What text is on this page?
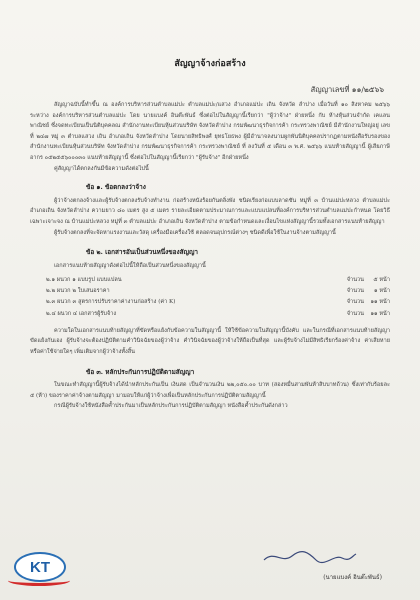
สัญญาจ้างก่อสร้าง
สัญญาเลขที่ ๑๑/๒๕๖๖

สัญญาฉบับนี้ทำขึ้น ณ องค์การบริหารส่วนตำบลแม่ปะ ตำบลแม่ปะ/แสวง อำเภอแม่ปะ เถิน จังหวัด ลำปาง เมื่อวันที่ ๑๐ สิงหาคม ๒๕๖๖ ระหว่าง องค์การบริหารส่วนตำบลแม่ปะ โดย นายแบงค์ อินต๊ะพันธ์ ซึ่งต่อไปในสัญญานี้เรียกว่า "ผู้ว่าจ้าง" ฝ่ายหนึ่ง กับ ห้างหุ้นส่วนจำกัด เคแลนพาณิชย์ ซึ่งจดทะเบียนเป็นนิติบุคคลณ สำนักงานทะเบียนหุ้นส่วนบริษัท จังหวัดลำปาง กรมพัฒนาธุรกิจการค้า กระทรวงพาณิชย์ มีสำนักงานใหญ่อยู่ เลขที่ ๒๔๗ หมู่ ๓ ตำบลแสวง เถิน อำเภอเถิน จังหวัดลำปาง โดยนายสิทธิพงศ์ ยุทธโยธพง ผู้มีอำนาจลงนามผูกพันนิติบุคคลปรากฏตามหนังสือรับรองของ สำนักงานทะเบียนหุ้นส่วนบริษัท จังหวัดลำปาง กรมพัฒนาธุรกิจการค้า กระทรวงพาณิชย์ ที่ ลงวันที่ ๕ เดือน ๓ พ.ศ. ๒๕๖๖ แนบท้ายสัญญานี้ ผู้เสียภาษีอากร ๐๕๒๕๕๖๐๐๐๓๐ แนบท้ายสัญญานี้ ซึ่งต่อไปในสัญญานี้เรียกว่า "ผู้รับจ้าง" อีกฝ่ายหนึ่ง

คู่สัญญาได้ตกลงกันมีข้อความดังต่อไปนี้

ข้อ ๑. ข้อตกลงว่าจ้าง

ผู้ว่าจ้างตกลงจ้างและผู้รับจ้างตกลงรับจ้างทำงาน ก่อสร้างหนังร้อยกันตลิ่งพัง ชนิดเรียงก่อแบบลาดชัน หมู่ที่ ๓ บ้านแม่ปะหลวง ตำบลแม่ปะ อำเภอเถิน จังหวัดลำปาง ความยาว ๘๐ เมตร สูง ๕ เมตร รายละเอียดตามประมาณการและแบบแปลนที่องค์การบริหารส่วนตำบลแม่ปะกำหนด โดยวิธีเฉพาะเจาะจง ณ บ้านแม่ปะหลวง หมู่ที่ ๓ ตำบลแม่ปะ อำเภอเถิน จังหวัดลำปาง ตามข้อกำหนดและเงื่อนไขแห่งสัญญานี้รวมทั้งเอกสารแนบท้ายสัญญา

ผู้รับจ้างตกลงที่จะจัดหาแรงงานและวัสดุ เครื่องมือเครื่องใช้ ตลอดจนอุปกรณ์ต่างๆ ชนิดดีเพื่อใช้ในงานจ้างตามสัญญานี้

ข้อ ๒. เอกสารอันเป็นส่วนหนึ่งของสัญญา

เอกสารแนบท้ายสัญญาดังต่อไปนี้ให้ถือเป็นส่วนหนึ่งของสัญญานี้

๒.๑ ผนวก ๑ แบบรูป แบบแปลน	จำนวน	๕ หน้า
๒.๒ ผนวก ๒ ใบเสนอราคา	จำนวน	๑ หน้า
๒.๓ ผนวก ๓ สูตรการปรับราคาค่างานก่อสร้าง (ค่า K)	จำนวน	๑๑ หน้า
๒.๔ ผนวก ๔ เอกสารผู้รับจ้าง	จำนวน	๑๑ หน้า

ความใดในเอกสารแนบท้ายสัญญาที่ขัดหรือแย้งกับข้อความในสัญญานี้ ให้ใช้ข้อความในสัญญานี้บังคับ และในกรณีที่เอกสารแนบท้ายสัญญาขัดแย้งกันเอง ผู้รับจ้างจะต้องปฏิบัติตามคำวินิจฉัยของผู้ว่าจ้าง คำวินิจฉัยของผู้ว่าจ้างให้ถือเป็นที่สุด และผู้รับจ้างไม่มีสิทธิเรียกร้องค่าจ้าง ค่าเสียหายหรือค่าใช้จ่ายใดๆ เพิ่มเติมจากผู้ว่าจ้างทั้งสิ้น

ข้อ ๓. หลักประกันการปฏิบัติตามสัญญา

ในขณะทำสัญญานี้ผู้รับจ้างได้นำหลักประกันเป็น เงินสด เป็นจำนวนเงิน ๒๒,๐๕๐.๐๐ บาท (สองหมื่นสามพันห้าสิบบาทถ้วน) ซึ่งเท่ากับร้อยละ ๕ (ห้า) ของราคาค่าจ้างตามสัญญา มามอบให้แก่ผู้ว่าจ้างเพื่อเป็นหลักประกันการปฏิบัติตามสัญญานี้

กรณีผู้รับจ้างใช้หนังสือค้ำประกันมาเป็นหลักประกันการปฏิบัติตามสัญญา หนังสือค้ำประกันดังกล่าว

KT
(นายแบงค์ อินต๊ะพันธ์)
